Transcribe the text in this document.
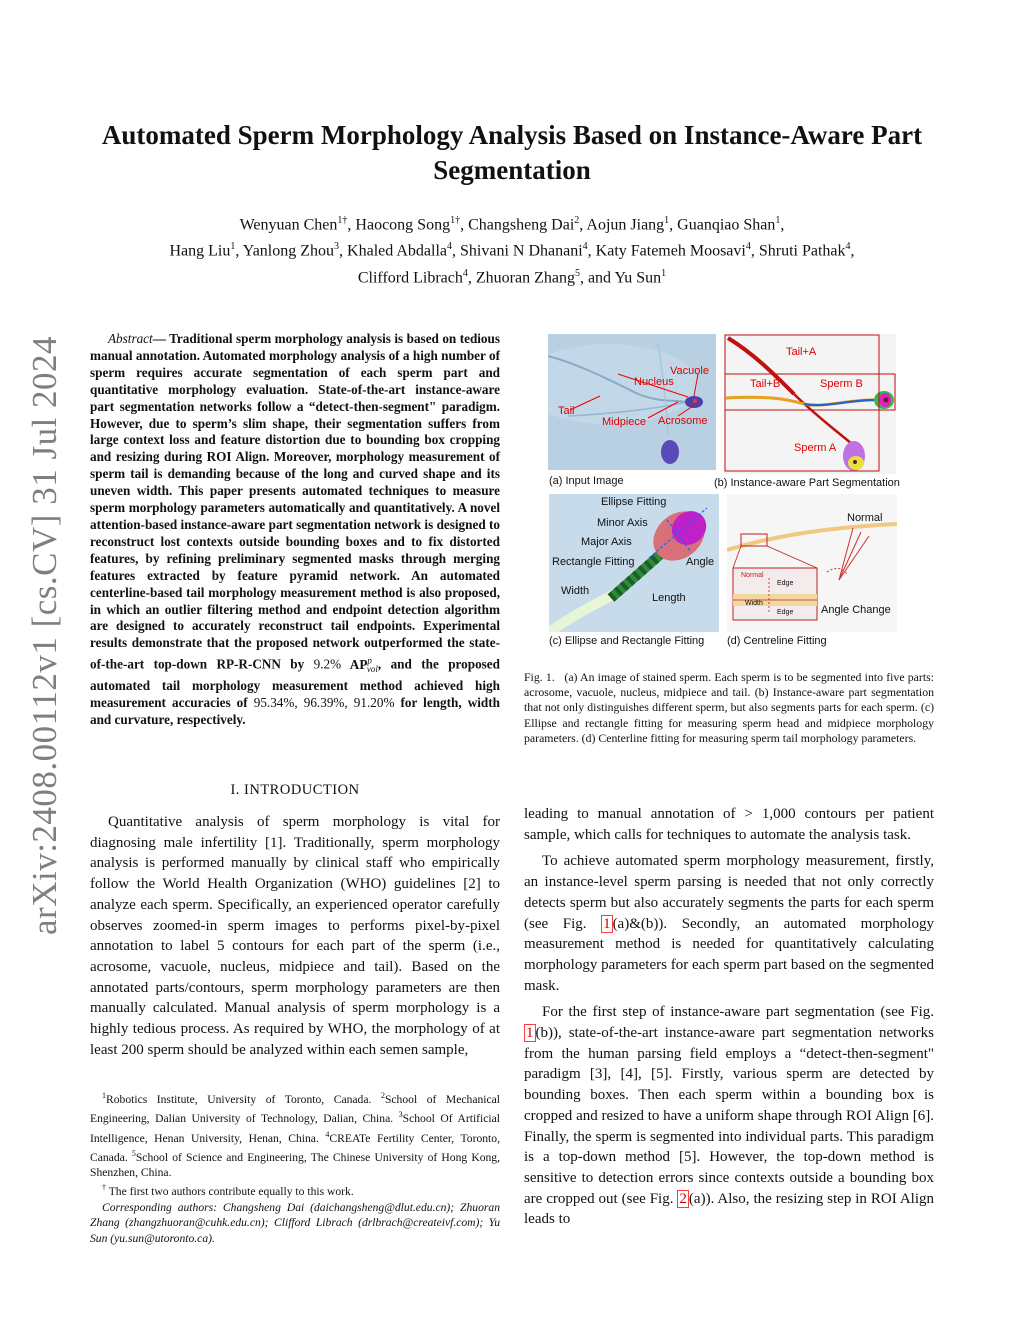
arXiv:2408.00112v1 [cs.CV] 31 Jul 2024
Automated Sperm Morphology Analysis Based on Instance-Aware Part
Segmentation
Wenyuan Chen$^{1\dagger}$, Haocong Song$^{1\dagger}$, Changsheng Dai$^2$, Aojun Jiang$^1$, Guanqiao Shan$^1$,
Hang Liu$^1$, Yanlong Zhou$^3$, Khaled Abdalla$^4$, Shivani N Dhanani$^4$, Katy Fatemeh Moosavi$^4$, Shruti Pathak$^4$,
Clifford Librach$^4$, Zhuoran Zhang$^5$, and Yu Sun$^1$
Abstract— Traditional sperm morphology analysis is based on tedious manual annotation. Automated morphology analysis of a high number of sperm requires accurate segmentation of each sperm part and quantitative morphology evaluation. State-of-the-art instance-aware part segmentation networks follow a “detect-then-segment" paradigm. However, due to sperm’s slim shape, their segmentation suffers from large context loss and feature distortion due to bounding box cropping and resizing during ROI Align. Moreover, morphology measurement of sperm tail is demanding because of the long and curved shape and its uneven width. This paper presents automated techniques to measure sperm morphology parameters automatically and quantitatively. A novel attention-based instance-aware part segmentation network is designed to reconstruct lost contexts outside bounding boxes and to fix distorted features, by refining preliminary segmented masks through merging features extracted by feature pyramid network. An automated centerline-based tail morphology measurement method is also proposed, in which an outlier filtering method and endpoint detection algorithm are designed to accurately reconstruct tail endpoints. Experimental results demonstrate that the proposed network outperformed the state-of-the-art top-down RP-R-CNN by 9.2% $AP^p_{vol}$, and the proposed automated tail morphology measurement method achieved high measurement accuracies of 95.34%, 96.39%, 91.20% for length, width and curvature, respectively.
I. INTRODUCTION

Quantitative analysis of sperm morphology is vital for diagnosing male infertility [1]. Traditionally, sperm morphology analysis is performed manually by clinical staff who empirically follow the World Health Organization (WHO) guidelines [2] to analyze each sperm. Specifically, an experienced operator carefully observes zoomed-in sperm images to performs pixel-by-pixel annotation to label 5 contours for each part of the sperm (i.e., acrosome, vacuole, nucleus, midpiece and tail). Based on the annotated parts/contours, sperm morphology parameters are then manually calculated. Manual analysis of sperm morphology is a highly tedious process. As required by WHO, the morphology of at least 200 sperm should be analyzed within each semen sample,

$^1$Robotics Institute, University of Toronto, Canada. $^2$School of Mechanical Engineering, Dalian University of Technology, Dalian, China. $^3$School Of Artificial Intelligence, Henan University, Henan, China. $^4$CREATe Fertility Center, Toronto, Canada. $^5$School of Science and Engineering, The Chinese University of Hong Kong, Shenzhen, China.

† The first two authors contribute equally to this work.

Corresponding authors: Changsheng Dai (daichangsheng@dlut.edu.cn); Zhuoran Zhang (zhangzhuoran@cuhk.edu.cn); Clifford Librach (drlbrach@createivf.com); Yu Sun (yu.sun@utoronto.ca).

Vacuole
Nucleus
Tail
Midpiece Acrosome
(a) Input Image
Tail+A
Tail+B	Sperm B
Sperm A
(b) Instance-aware Part Segmentation
Ellipse Fitting
Minor Axis
Major Axis
Rectangle Fitting	Angle
Width
Length
(c) Ellipse and Rectangle Fitting
Normal
Edge
Width
Edge
Normal
Angle Change
(d) Centreline Fitting
Fig. 1. (a) An image of stained sperm. Each sperm is to be segmented into five parts: acrosome, vacuole, nucleus, midpiece and tail. (b) Instance-aware part segmentation that not only distinguishes different sperm, but also segments parts for each sperm. (c) Ellipse and rectangle fitting for measuring sperm head and midpiece morphology parameters. (d) Centerline fitting for measuring sperm tail morphology parameters.

leading to manual annotation of > 1,000 contours per patient sample, which calls for techniques to automate the analysis task.

To achieve automated sperm morphology measurement, firstly, an instance-level sperm parsing is needed that not only correctly detects sperm but also accurately segments the parts for each sperm (see Fig. 1 (a)&(b)). Secondly, an automated morphology measurement method is needed for quantitatively calculating morphology parameters for each sperm part based on the segmented mask.

For the first step of instance-aware part segmentation (see Fig. 1 (b)), state-of-the-art instance-aware part segmentation networks from the human parsing field employs a “detect-then-segment" paradigm [3], [4], [5]. Firstly, various sperm are detected by bounding boxes. Then each sperm within a bounding box is cropped and resized to have a uniform shape through ROI Align [6]. Finally, the sperm is segmented into individual parts. This paradigm is a top-down method [5]. However, the top-down method is sensitive to detection errors since contexts outside a bounding box are cropped out (see Fig. 2 (a)). Also, the resizing step in ROI Align leads to
